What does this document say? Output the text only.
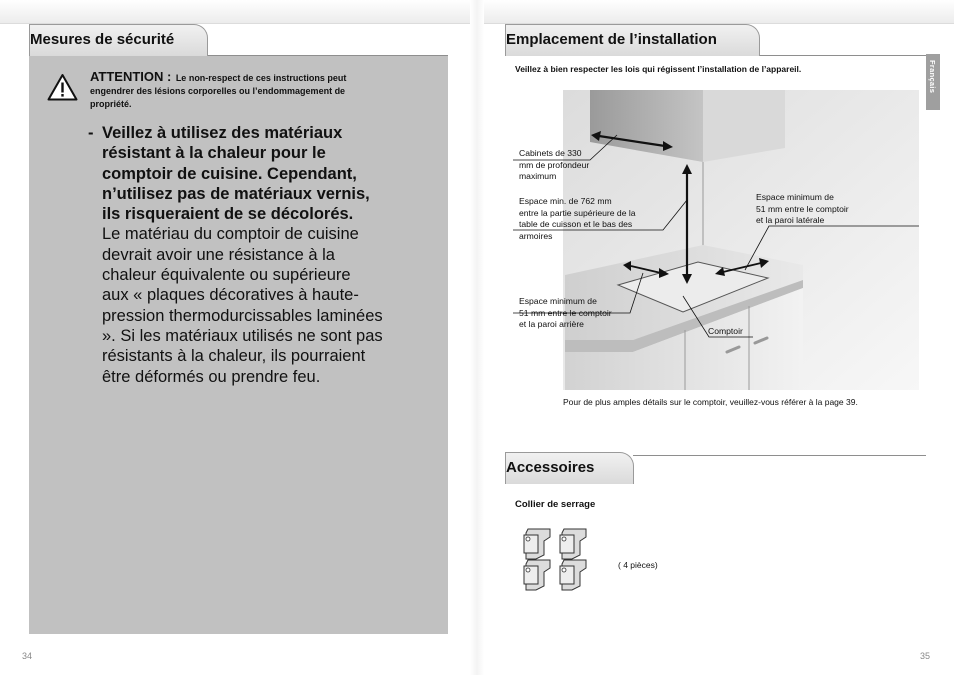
Mesures de sécurité
ATTENTION : Le non-respect de ces instructions peut
engendrer des lésions corporelles ou l’endommagement de
propriété.
- Veillez à utilisez des matériaux
résistant à la chaleur pour le
comptoir de cuisine. Cependant,
n’utilisez pas de matériaux vernis,
ils risqueraient de se décolorés.
Le matériau du comptoir de cuisine
devrait avoir une résistance à la
chaleur équivalente ou supérieure
aux « plaques décoratives à haute-
pression thermodurcissables laminées
». Si les matériaux utilisés ne sont pas
résistants à la chaleur, ils pourraient
être déformés ou prendre feu.
34
Emplacement de l’installation
Français
Veillez à bien respecter les lois qui régissent l’installation de l’appareil.
Cabinets de 330
mm de profondeur
maximum
Espace min. de 762 mm
entre la partie supérieure de la
table de cuisson et le bas des
armoires
Espace minimum de
51 mm entre le comptoir
et la paroi latérale
Espace minimum de
51 mm entre le comptoir
et la paroi arrière
Comptoir
Pour de plus amples détails sur le comptoir, veuillez-vous référer à la page 39.
Accessoires
Collier de serrage
( 4 pièces)
35
